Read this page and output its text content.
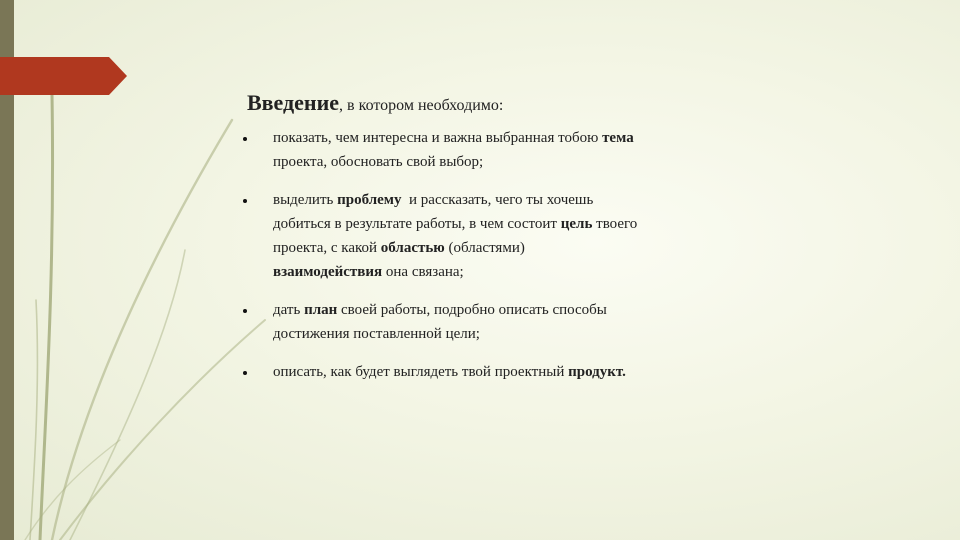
Введение, в котором необходимо:
показать, чем интересна и важна выбранная тобою тема
проекта, обосновать свой выбор;
выделить проблему  и рассказать, чего ты хочешь
добиться в результате работы, в чем состоит цель твоего
проекта, с какой областью (областями)
взаимодействия она связана;
дать план своей работы, подробно описать способы
достижения поставленной цели;
описать, как будет выглядеть твой проектный продукт.
